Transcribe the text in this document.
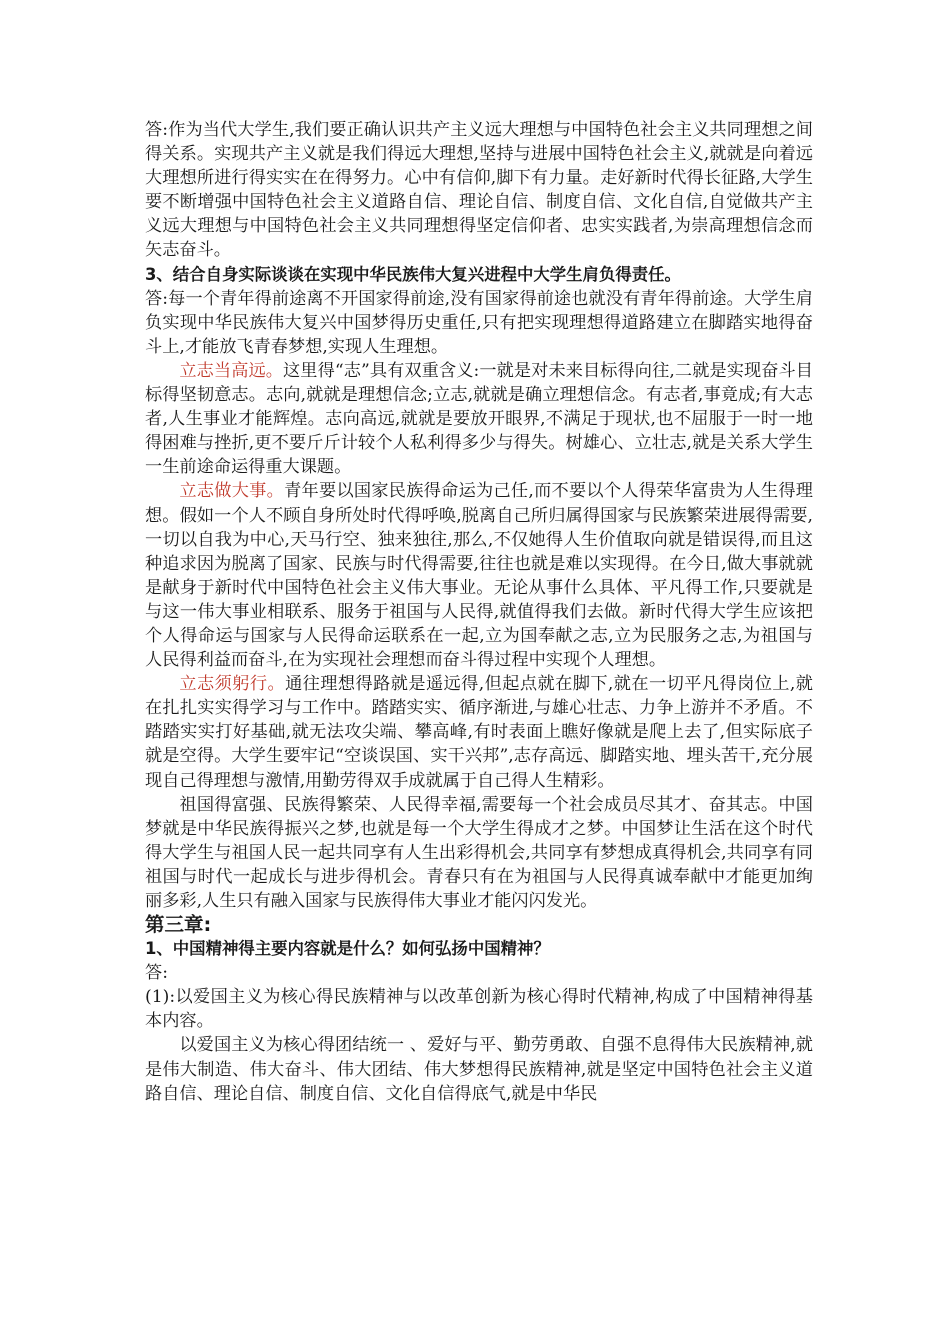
答:作为当代大学生,我们要正确认识共产主义远大理想与中国特色社会主义共同理想之间得关系。实现共产主义就是我们得远大理想,坚持与进展中国特色社会主义,就就是向着远大理想所进行得实实在在得努力。心中有信仰,脚下有力量。走好新时代得长征路,大学生要不断增强中国特色社会主义道路自信、理论自信、制度自信、文化自信,自觉做共产主义远大理想与中国特色社会主义共同理想得坚定信仰者、忠实实践者,为崇高理想信念而矢志奋斗。

3、结合自身实际谈谈在实现中华民族伟大复兴进程中大学生肩负得责任。

答:每一个青年得前途离不开国家得前途,没有国家得前途也就没有青年得前途。大学生肩负实现中华民族伟大复兴中国梦得历史重任,只有把实现理想得道路建立在脚踏实地得奋斗上,才能放飞青春梦想,实现人生理想。

立志当高远。这里得“志”具有双重含义:一就是对未来目标得向往,二就是实现奋斗目标得坚韧意志。志向,就就是理想信念;立志,就就是确立理想信念。有志者,事竟成;有大志者,人生事业才能辉煌。志向高远,就就是要放开眼界,不满足于现状,也不屈服于一时一地得困难与挫折,更不要斤斤计较个人私利得多少与得失。树雄心、立壮志,就是关系大学生一生前途命运得重大课题。

立志做大事。青年要以国家民族得命运为己任,而不要以个人得荣华富贵为人生得理想。假如一个人不顾自身所处时代得呼唤,脱离自己所归属得国家与民族繁荣进展得需要,一切以自我为中心,天马行空、独来独往,那么,不仅她得人生价值取向就是错误得,而且这种追求因为脱离了国家、民族与时代得需要,往往也就是难以实现得。在今日,做大事就就是献身于新时代中国特色社会主义伟大事业。无论从事什么具体、平凡得工作,只要就是与这一伟大事业相联系、服务于祖国与人民得,就值得我们去做。新时代得大学生应该把个人得命运与国家与人民得命运联系在一起,立为国奉献之志,立为民服务之志,为祖国与人民得利益而奋斗,在为实现社会理想而奋斗得过程中实现个人理想。

立志须躬行。通往理想得路就是遥远得,但起点就在脚下,就在一切平凡得岗位上,就在扎扎实实得学习与工作中。踏踏实实、循序渐进,与雄心壮志、力争上游并不矛盾。不踏踏实实打好基础,就无法攻尖端、攀高峰,有时表面上瞧好像就是爬上去了,但实际底子就是空得。大学生要牢记“空谈误国、实干兴邦”,志存高远、脚踏实地、埋头苦干,充分展现自己得理想与激情,用勤劳得双手成就属于自己得人生精彩。

祖国得富强、民族得繁荣、人民得幸福,需要每一个社会成员尽其才、奋其志。中国梦就是中华民族得振兴之梦,也就是每一个大学生得成才之梦。中国梦让生活在这个时代得大学生与祖国人民一起共同享有人生出彩得机会,共同享有梦想成真得机会,共同享有同祖国与时代一起成长与进步得机会。青春只有在为祖国与人民得真诚奉献中才能更加绚丽多彩,人生只有融入国家与民族得伟大事业才能闪闪发光。

第三章:

1、中国精神得主要内容就是什么？如何弘扬中国精神？

答:

(1):以爱国主义为核心得民族精神与以改革创新为核心得时代精神,构成了中国精神得基本内容。

以爱国主义为核心得团结统一 、爱好与平、勤劳勇敢、自强不息得伟大民族精神,就是伟大制造、伟大奋斗、伟大团结、伟大梦想得民族精神,就是坚定中国特色社会主义道路自信、理论自信、制度自信、文化自信得底气,就是中华民
